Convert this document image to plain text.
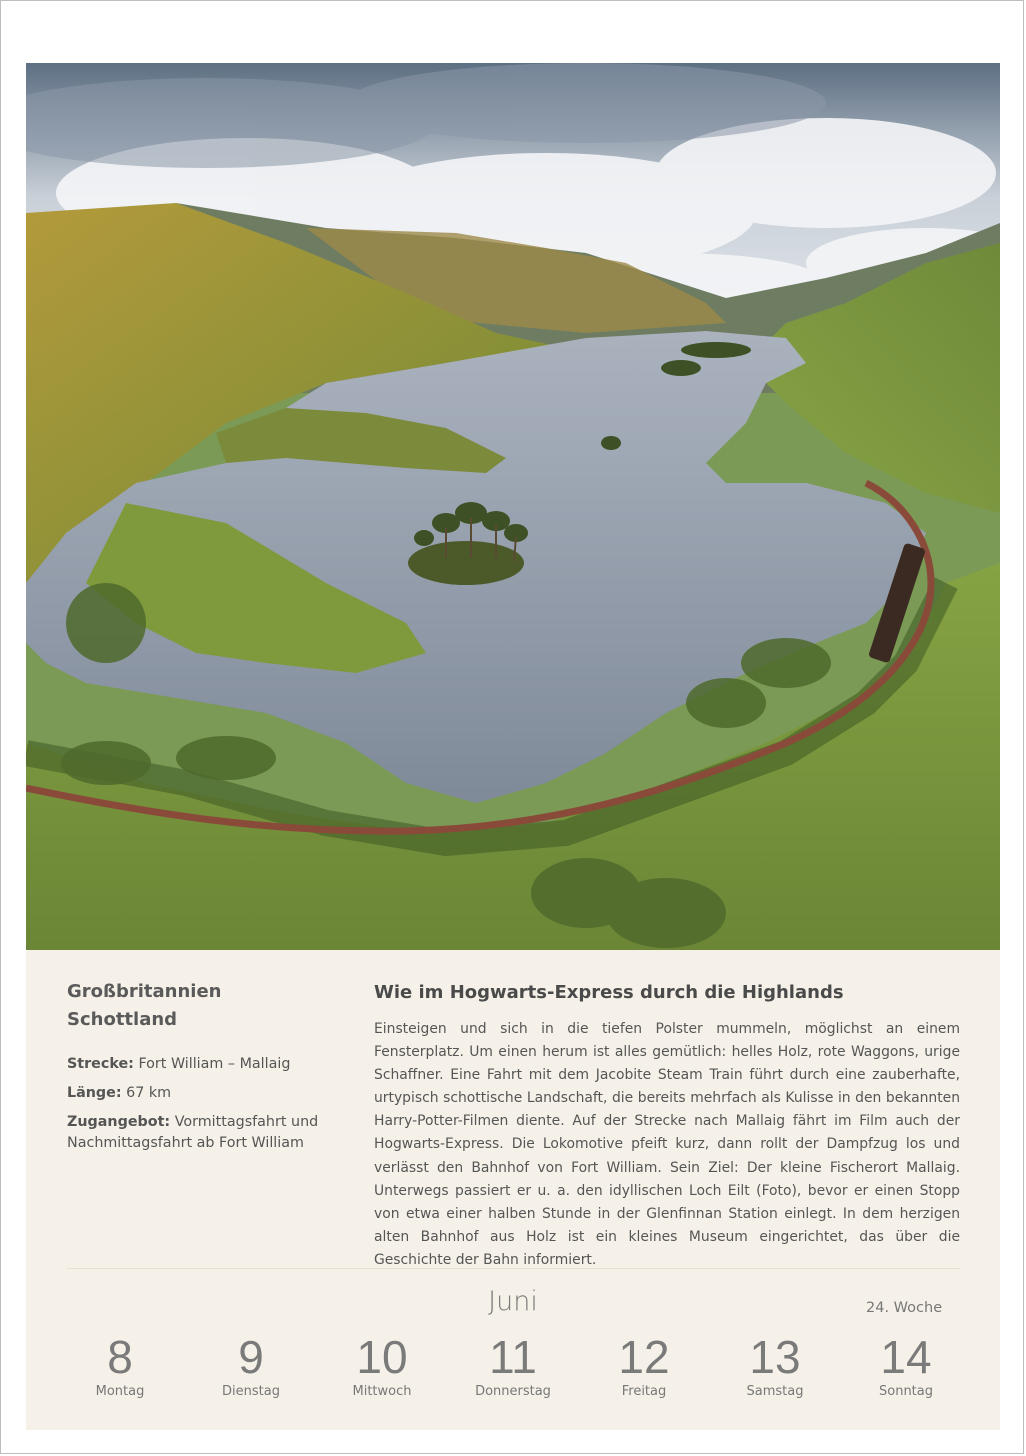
Großbritannien
Schottland
Strecke: Fort William – Mallaig
Länge: 67 km
Zugangebot: Vormittagsfahrt und Nachmittagsfahrt ab Fort William
Wie im Hogwarts-Express durch die Highlands
Einsteigen und sich in die tiefen Polster mummeln, möglichst an einem Fensterplatz. Um einen herum ist alles gemütlich: helles Holz, rote Waggons, urige Schaffner. Eine Fahrt mit dem Jacobite Steam Train führt durch eine zauberhafte, urtypisch schottische Landschaft, die bereits mehrfach als Kulisse in den bekannten Harry-Potter-Filmen diente. Auf der Strecke nach Mallaig fährt im Film auch der Hogwarts-Express. Die Lokomotive pfeift kurz, dann rollt der Dampfzug los und verlässt den Bahnhof von Fort William. Sein Ziel: Der kleine Fischerort Mallaig. Unterwegs passiert er u. a. den idyllischen Loch Eilt (Foto), bevor er einen Stopp von etwa einer halben Stunde in der Glenfinnan Station einlegt. In dem herzigen alten Bahnhof aus Holz ist ein kleines Museum eingerichtet, das über die Geschichte der Bahn informiert.
Juni	24. Woche
8
Montag
9
Dienstag
10
Mittwoch
11
Donnerstag
12
Freitag
13
Samstag
14
Sonntag
